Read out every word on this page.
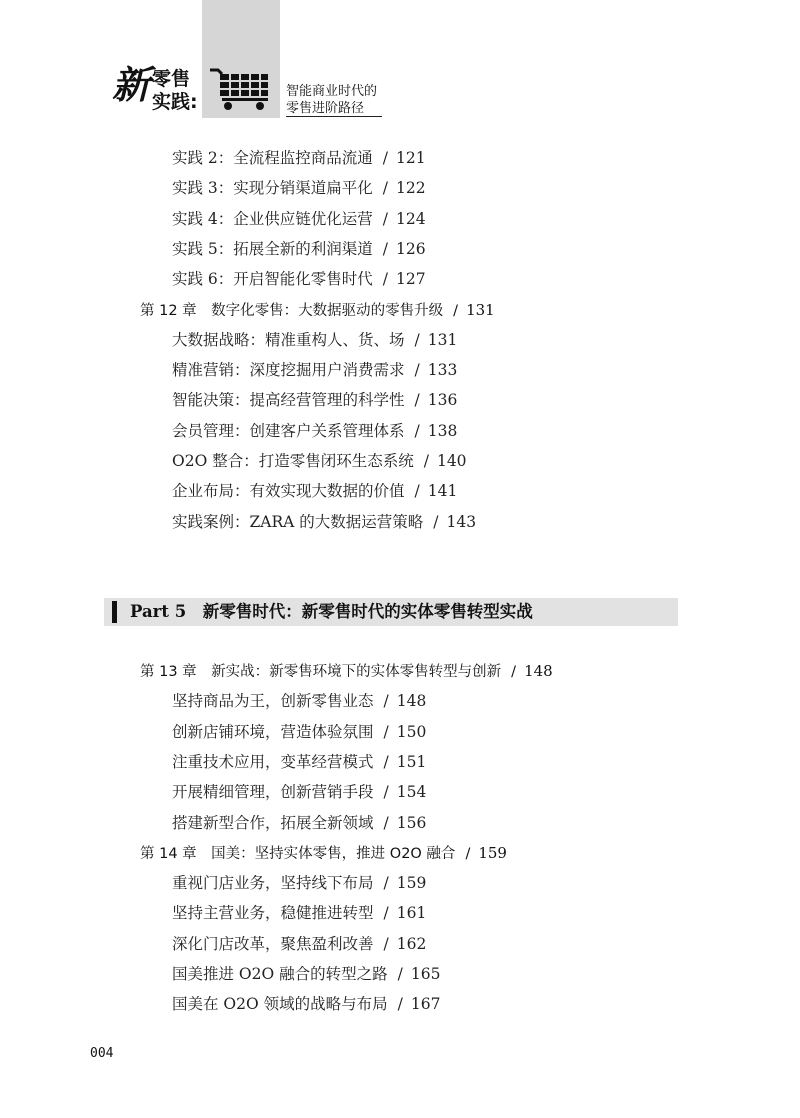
新 零售
实践:	智能商业时代的
零售进阶路径
实践 2：全流程监控商品流通 / 121
实践 3：实现分销渠道扁平化 / 122
实践 4：企业供应链优化运营 / 124
实践 5：拓展全新的利润渠道 / 126
实践 6：开启智能化零售时代 / 127
第 12 章　数字化零售：大数据驱动的零售升级 / 131
大数据战略：精准重构人、货、场 / 131
精准营销：深度挖掘用户消费需求 / 133
智能决策：提高经营管理的科学性 / 136
会员管理：创建客户关系管理体系 / 138
O2O 整合：打造零售闭环生态系统 / 140
企业布局：有效实现大数据的价值 / 141
实践案例：ZARA 的大数据运营策略 / 143
Part 5　 新零售时代：新零售时代的实体零售转型实战
第 13 章　新实战：新零售环境下的实体零售转型与创新 / 148
坚持商品为王，创新零售业态 / 148
创新店铺环境，营造体验氛围 / 150
注重技术应用，变革经营模式 / 151
开展精细管理，创新营销手段 / 154
搭建新型合作，拓展全新领域 / 156
第 14 章　国美：坚持实体零售，推进 O2O 融合 / 159
重视门店业务，坚持线下布局 / 159
坚持主营业务，稳健推进转型 / 161
深化门店改革，聚焦盈利改善 / 162
国美推进 O2O 融合的转型之路 / 165
国美在 O2O 领域的战略与布局 / 167
004
